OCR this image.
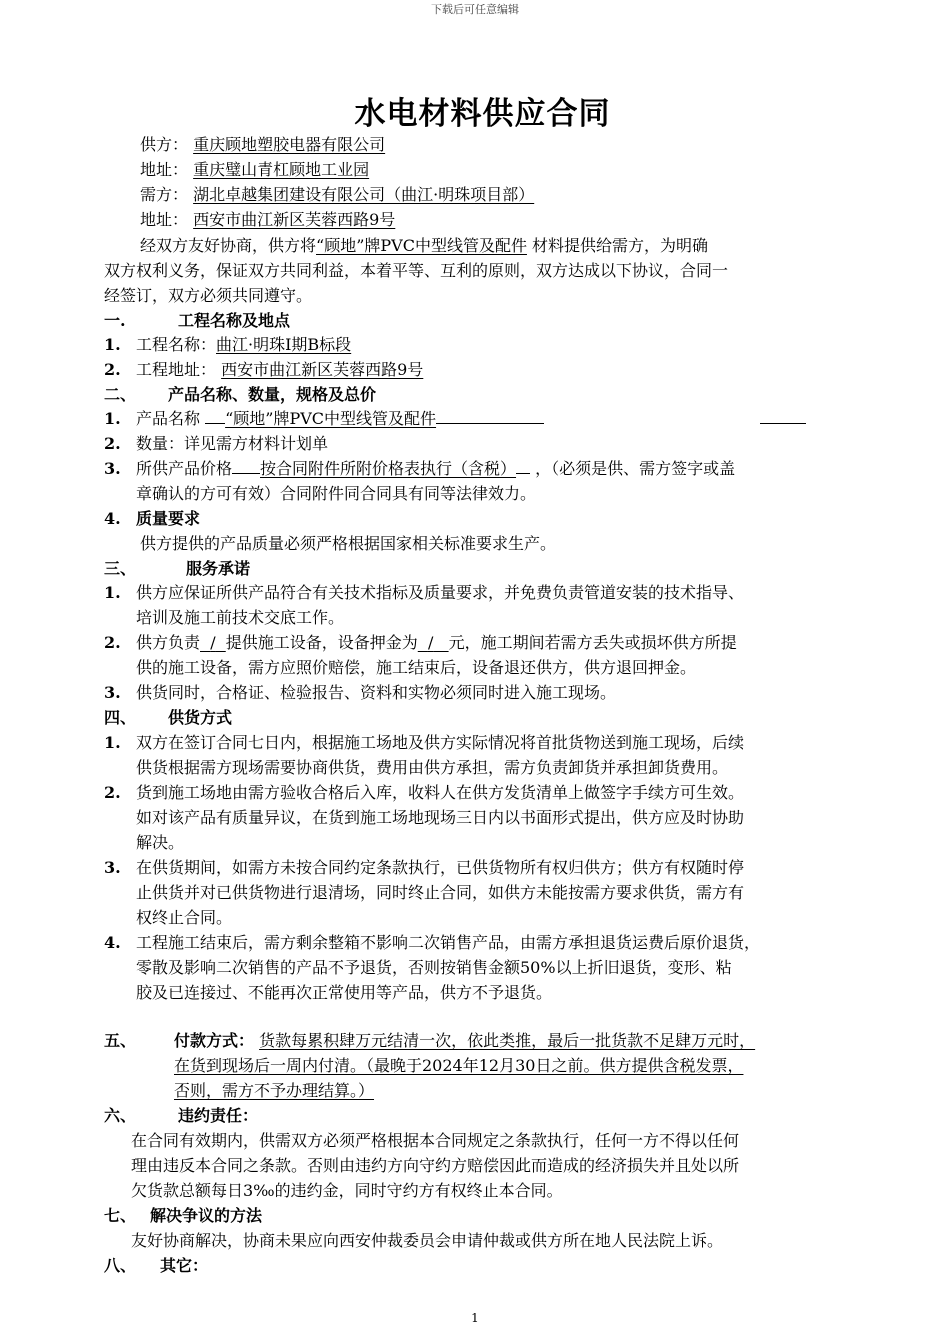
下载后可任意编辑
水电材料供应合同
供方： 重庆顾地塑胶电器有限公司
地址： 重庆璧山青杠顾地工业园
需方： 湖北卓越集团建设有限公司（曲江·明珠项目部）
地址： 西安市曲江新区芙蓉西路9号
经双方友好协商，供方将“顾地”牌PVC中型线管及配件 材料提供给需方，为明确
双方权利义务，保证双方共同利益，本着平等、互利的原则，双方达成以下协议，合同一
经签订，双方必须共同遵守。
一.	工程名称及地点
1. 工程名称：曲江·明珠Ⅰ期B标段
2. 工程地址： 西安市曲江新区芙蓉西路9号
二、 产品名称、数量，规格及总价
1. 产品名称 “顾地”牌PVC中型线管及配件
2. 数量：详见需方材料计划单
3. 所供产品价格 按合同附件所附价格表执行（含税） ，（必须是供、需方签字或盖
章确认的方可有效）合同附件同合同具有同等法律效力。
4. 质量要求
供方提供的产品质量必须严格根据国家相关标准要求生产。
三、	服务承诺
1. 供方应保证所供产品符合有关技术指标及质量要求，并免费负责管道安装的技术指导、
培训及施工前技术交底工作。
2. 供方负责 / 提供施工设备，设备押金为 / 元，施工期间若需方丢失或损坏供方所提
供的施工设备，需方应照价赔偿，施工结束后，设备退还供方，供方退回押金。
3. 供货同时，合格证、检验报告、资料和实物必须同时进入施工现场。
四、 供货方式
1. 双方在签订合同七日内，根据施工场地及供方实际情况将首批货物送到施工现场，后续
供货根据需方现场需要协商供货，费用由供方承担，需方负责卸货并承担卸货费用。
2. 货到施工场地由需方验收合格后入库，收料人在供方发货清单上做签字手续方可生效。
如对该产品有质量异议，在货到施工场地现场三日内以书面形式提出，供方应及时协助
解决。
3. 在供货期间，如需方未按合同约定条款执行，已供货物所有权归供方；供方有权随时停
止供货并对已供货物进行退清场，同时终止合同，如供方未能按需方要求供货，需方有
权终止合同。
4. 工程施工结束后，需方剩余整箱不影响二次销售产品，由需方承担退货运费后原价退货，
零散及影响二次销售的产品不予退货，否则按销售金额50%以上折旧退货，变形、粘
胶及已连接过、不能再次正常使用等产品，供方不予退货。
五、 付款方式： 货款每累积肆万元结清一次，依此类推，最后一批货款不足肆万元时，
在货到现场后一周内付清。（最晚于2024年12月30日之前。供方提供含税发票，
否则，需方不予办理结算。）
六、	违约责任：
在合同有效期内，供需双方必须严格根据本合同规定之条款执行，任何一方不得以任何
理由违反本合同之条款。否则由违约方向守约方赔偿因此而造成的经济损失并且处以所
欠货款总额每日3‰的违约金，同时守约方有权终止本合同。
七、 解决争议的方法
友好协商解决，协商未果应向西安仲裁委员会申请仲裁或供方所在地人民法院上诉。
八、 其它：
1
